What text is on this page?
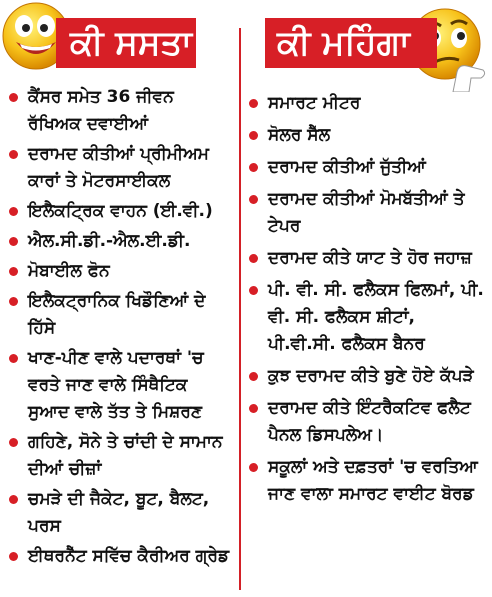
ਕੀ ਸਸਤਾ	ਕੀ ਮਹਿੰਗਾ
ਕੈਂਸਰ ਸਮੇਤ 36 ਜੀਵਨ ਰੱਖਿਅਕ ਦਵਾਈਆਂ
ਦਰਾਮਦ ਕੀਤੀਆਂ ਪ੍ਰੀਮੀਅਮ ਕਾਰਾਂ ਤੇ ਮੋਟਰਸਾਈਕਲ
ਇਲੈਕਟ੍ਰਿਕ ਵਾਹਨ (ਈ.ਵੀ.)
ਐਲ.ਸੀ.ਡੀ.-ਐਲ.ਈ.ਡੀ.
ਮੋਬਾਈਲ ਫੋਨ
ਇਲੈਕਟ੍ਰਾਨਿਕ ਖਿਡੌਣਿਆਂ ਦੇ ਹਿੱਸੇ
ਖਾਣ-ਪੀਣ ਵਾਲੇ ਪਦਾਰਥਾਂ 'ਚ ਵਰਤੇ ਜਾਣ ਵਾਲੇ ਸਿੰਥੈਟਿਕ ਸੁਆਦ ਵਾਲੇ ਤੱਤ ਤੇ ਮਿਸ਼ਰਣ
ਗਹਿਣੇ, ਸੋਨੇ ਤੇ ਚਾਂਦੀ ਦੇ ਸਾਮਾਨ ਦੀਆਂ ਚੀਜ਼ਾਂ
ਚਮੜੇ ਦੀ ਜੈਕੇਟ, ਬੂਟ, ਬੈਲਟ, ਪਰਸ
ਈਥਰਨੈੱਟ ਸਵਿੱਚ ਕੈਰੀਅਰ ਗ੍ਰੇਡ
ਸਮਾਰਟ ਮੀਟਰ
ਸੋਲਰ ਸੈੱਲ
ਦਰਾਮਦ ਕੀਤੀਆਂ ਜੁੱਤੀਆਂ
ਦਰਾਮਦ ਕੀਤੀਆਂ ਮੋਮਬੱਤੀਆਂ ਤੇ ਟੇਪਰ
ਦਰਾਮਦ ਕੀਤੇ ਯਾਟ ਤੇ ਹੋਰ ਜਹਾਜ਼
ਪੀ. ਵੀ. ਸੀ. ਫਲੈਕਸ ਫਿਲਮਾਂ, ਪੀ. ਵੀ. ਸੀ. ਫਲੈਕਸ ਸ਼ੀਟਾਂ, ਪੀ.ਵੀ.ਸੀ. ਫਲੈਕਸ ਬੈਨਰ
ਕੁਝ ਦਰਾਮਦ ਕੀਤੇ ਬੁਣੇ ਹੋਏ ਕੱਪੜੇ
ਦਰਾਮਦ ਕੀਤੇ ਇੰਟਰੈਕਟਿਵ ਫਲੈਟ ਪੈਨਲ ਡਿਸਪਲੇਅ।
ਸਕੂਲਾਂ ਅਤੇ ਦਫ਼ਤਰਾਂ 'ਚ ਵਰਤਿਆ ਜਾਣ ਵਾਲਾ ਸਮਾਰਟ ਵਾਈਟ ਬੋਰਡ
